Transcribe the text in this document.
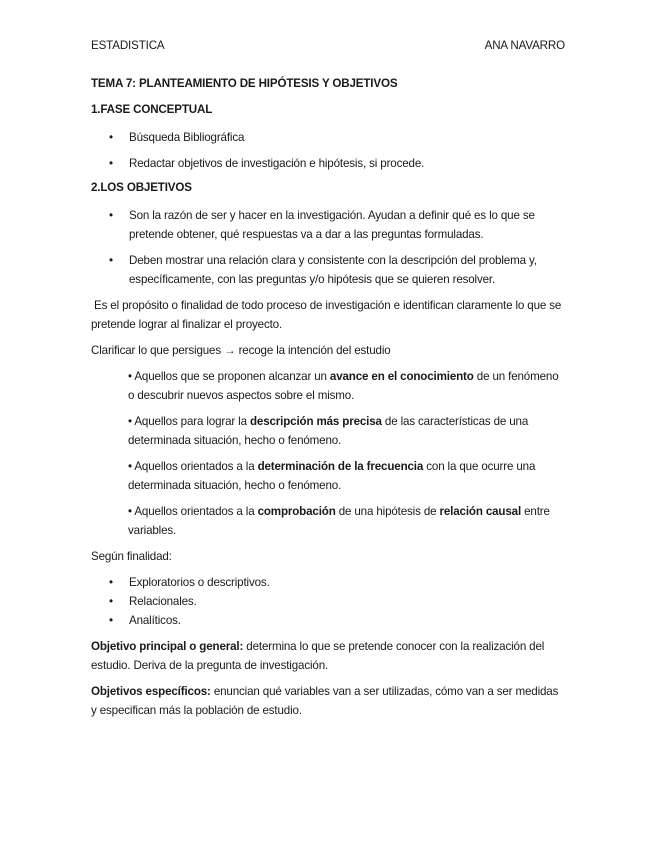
ESTADISTICA	ANA NAVARRO
TEMA 7: PLANTEAMIENTO DE HIPÓTESIS Y OBJETIVOS
1.FASE CONCEPTUAL
• Búsqueda Bibliográfica
• Redactar objetivos de investigación e hipótesis, si procede.
2.LOS OBJETIVOS
• Son la razón de ser y hacer en la investigación. Ayudan a definir qué es lo que se pretende obtener, qué respuestas va a dar a las preguntas formuladas.
• Deben mostrar una relación clara y consistente con la descripción del problema y, específicamente, con las preguntas y/o hipótesis que se quieren resolver.

Es el propósito o finalidad de todo proceso de investigación e identifican claramente lo que se pretende lograr al finalizar el proyecto.

Clarificar lo que persigues → recoge la intención del estudio

• Aquellos que se proponen alcanzar un avance en el conocimiento de un fenómeno o descubrir nuevos aspectos sobre el mismo.

• Aquellos para lograr la descripción más precisa de las características de una determinada situación, hecho o fenómeno.

• Aquellos orientados a la determinación de la frecuencia con la que ocurre una determinada situación, hecho o fenómeno.

• Aquellos orientados a la comprobación de una hipótesis de relación causal entre variables.

Según finalidad:

• Exploratorios o descriptivos.
• Relacionales.
• Analíticos.

Objetivo principal o general: determina lo que se pretende conocer con la realización del estudio. Deriva de la pregunta de investigación.

Objetivos específicos: enuncian qué variables van a ser utilizadas, cómo van a ser medidas y especifican más la población de estudio.
